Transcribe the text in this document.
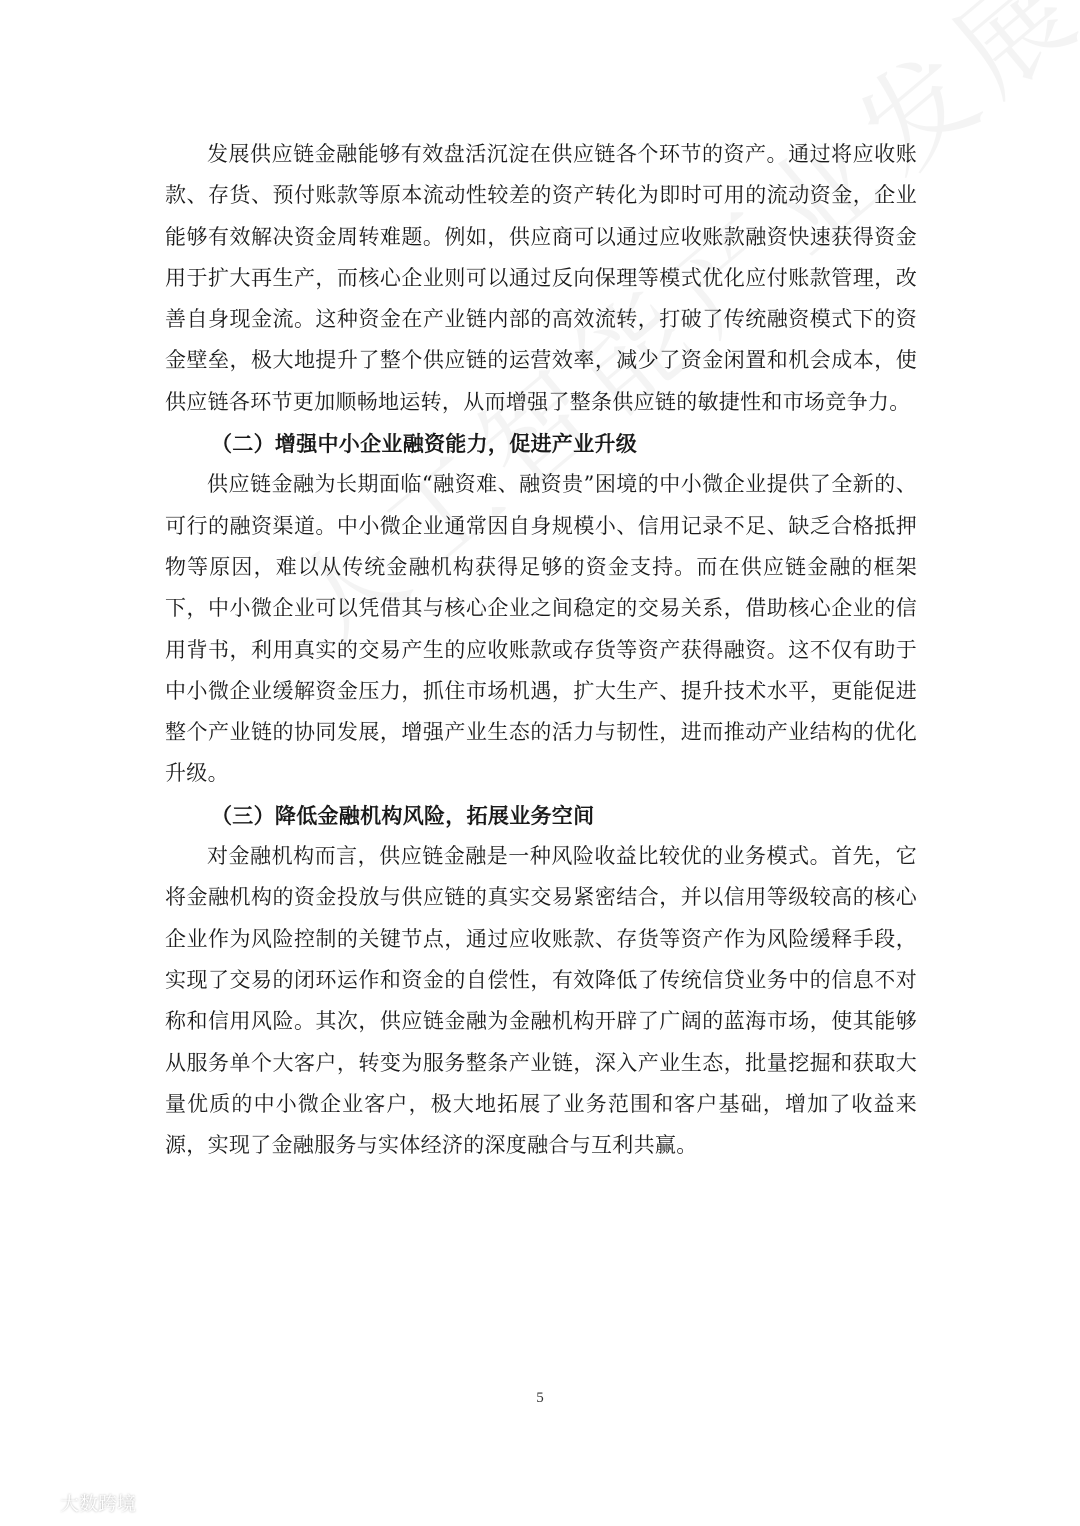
发展供应链金融能够有效盘活沉淀在供应链各个环节的资产。通过将应收账款、存货、预付账款等原本流动性较差的资产转化为即时可用的流动资金，企业能够有效解决资金周转难题。例如，供应商可以通过应收账款融资快速获得资金用于扩大再生产，而核心企业则可以通过反向保理等模式优化应付账款管理，改善自身现金流。这种资金在产业链内部的高效流转，打破了传统融资模式下的资金壁垒，极大地提升了整个供应链的运营效率，减少了资金闲置和机会成本，使供应链各环节更加顺畅地运转，从而增强了整条供应链的敏捷性和市场竞争力。

（二）增强中小企业融资能力，促进产业升级

供应链金融为长期面临“融资难、融资贵”困境的中小微企业提供了全新的、可行的融资渠道。中小微企业通常因自身规模小、信用记录不足、缺乏合格抵押物等原因，难以从传统金融机构获得足够的资金支持。而在供应链金融的框架下，中小微企业可以凭借其与核心企业之间稳定的交易关系，借助核心企业的信用背书，利用真实的交易产生的应收账款或存货等资产获得融资。这不仅有助于中小微企业缓解资金压力，抓住市场机遇，扩大生产、提升技术水平，更能促进整个产业链的协同发展，增强产业生态的活力与韧性，进而推动产业结构的优化升级。

（三）降低金融机构风险，拓展业务空间

对金融机构而言，供应链金融是一种风险收益比较优的业务模式。首先，它将金融机构的资金投放与供应链的真实交易紧密结合，并以信用等级较高的核心企业作为风险控制的关键节点，通过应收账款、存货等资产作为风险缓释手段，实现了交易的闭环运作和资金的自偿性，有效降低了传统信贷业务中的信息不对称和信用风险。其次，供应链金融为金融机构开辟了广阔的蓝海市场，使其能够从服务单个大客户，转变为服务整条产业链，深入产业生态，批量挖掘和获取大量优质的中小微企业客户，极大地拓展了业务范围和客户基础，增加了收益来源，实现了金融服务与实体经济的深度融合与互利共赢。

5
大数跨境
